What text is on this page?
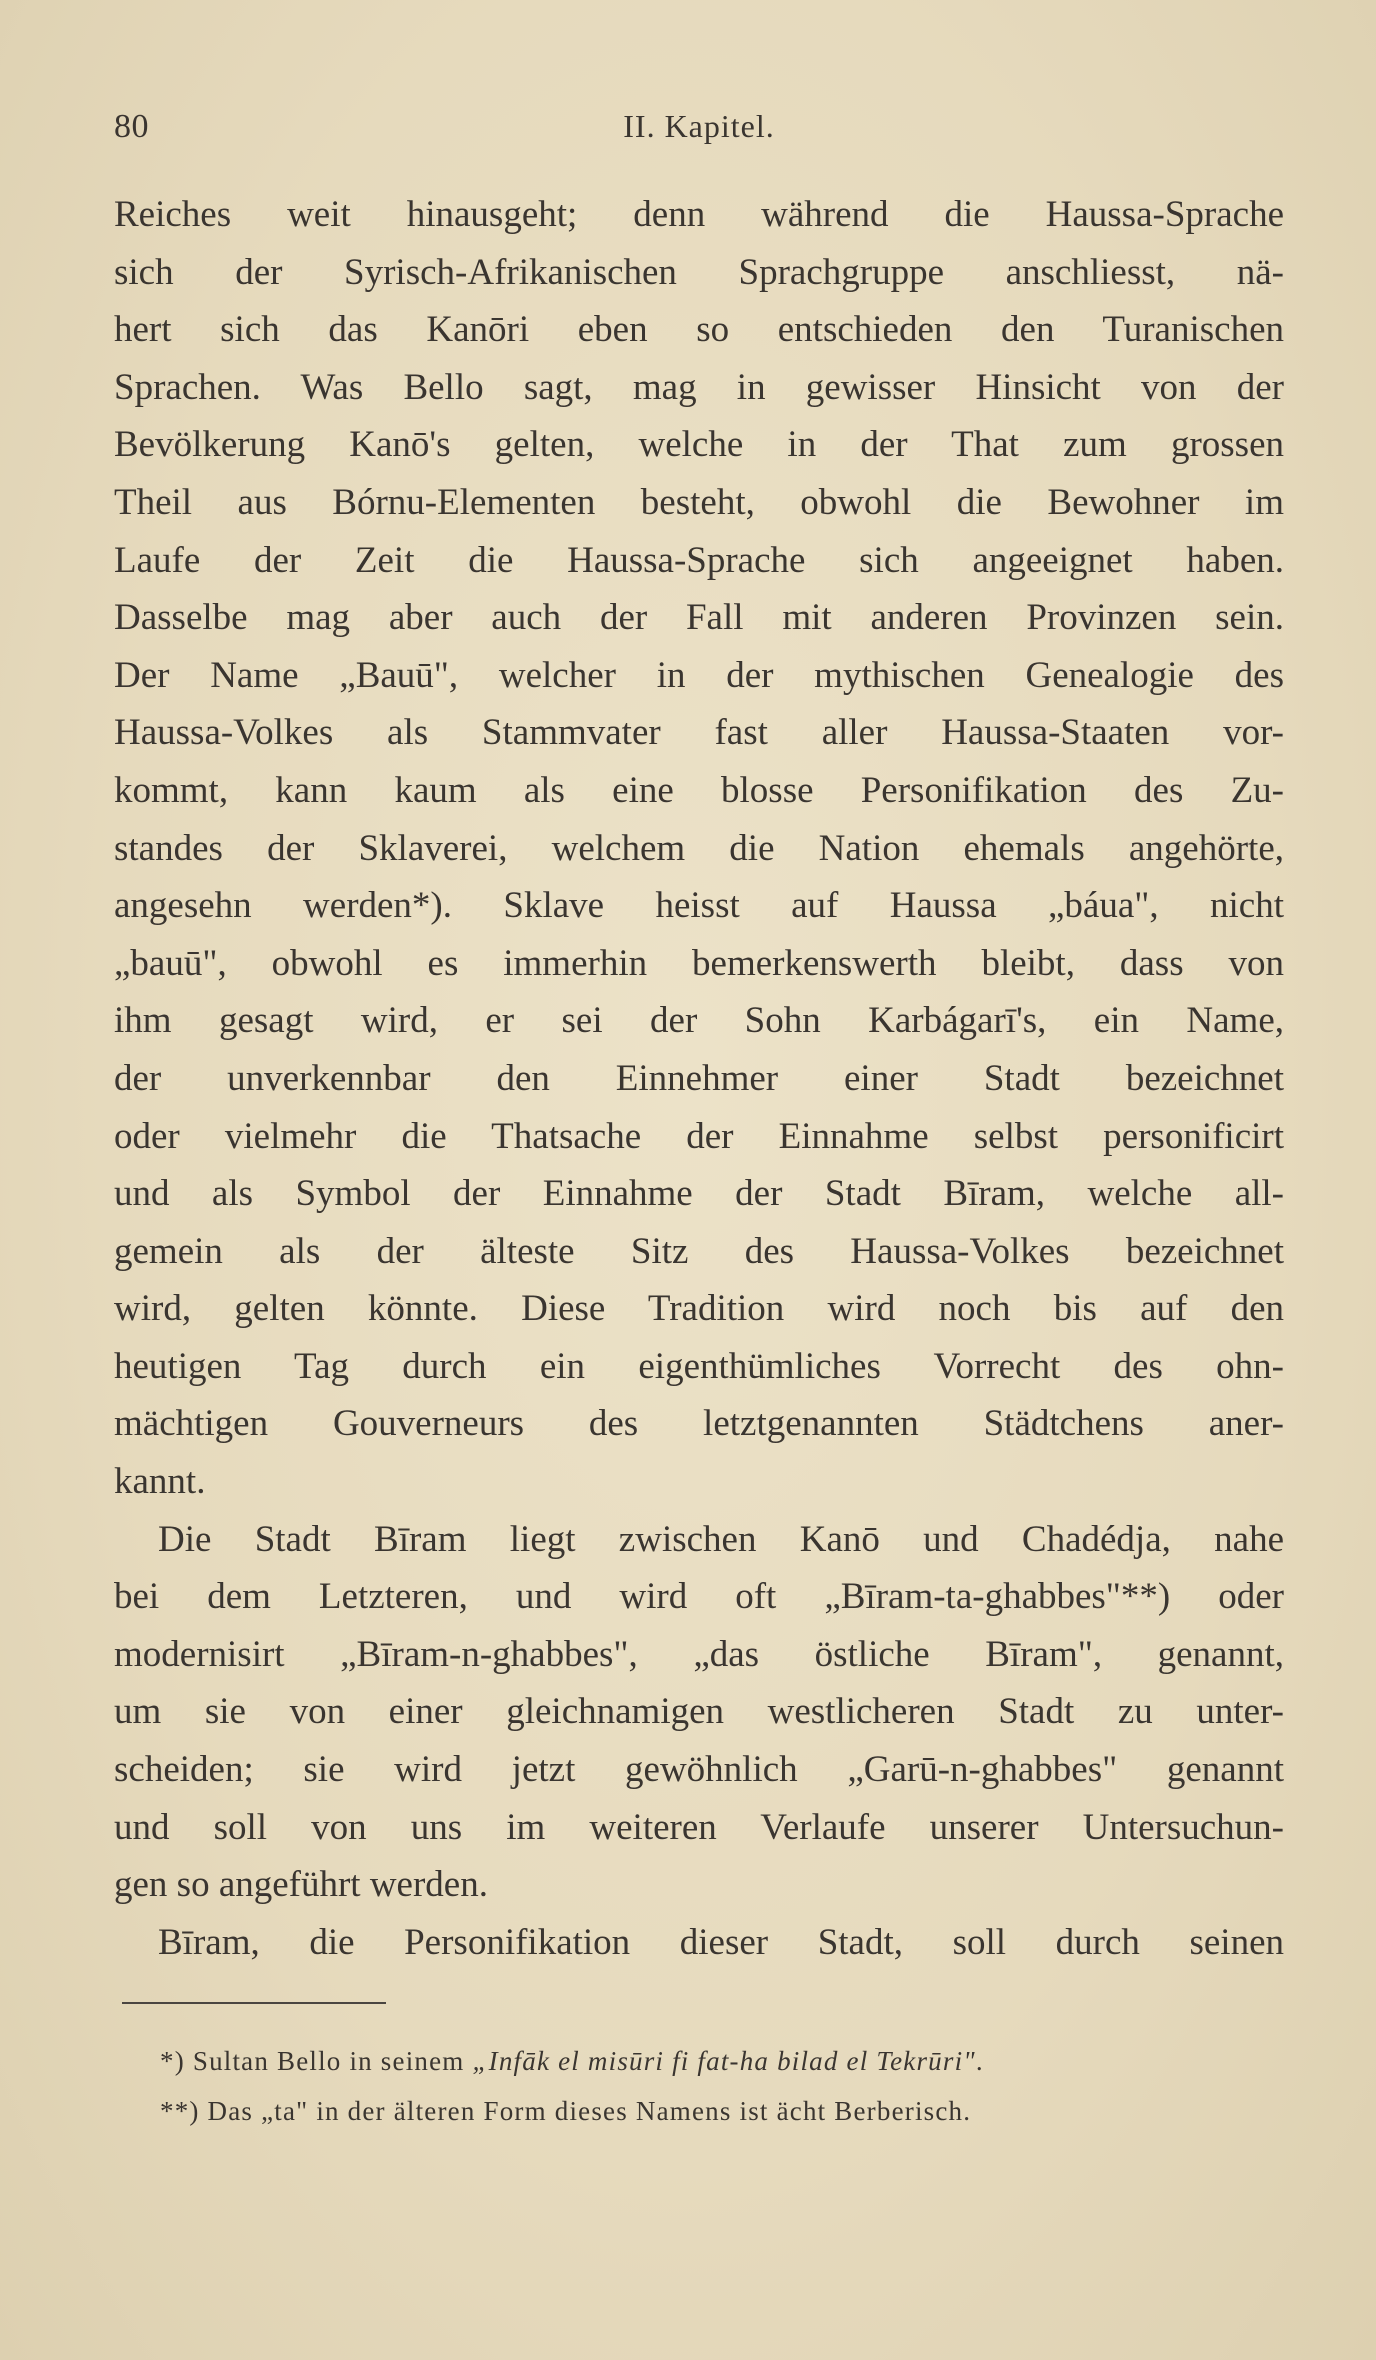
80	II. Kapitel.
Reiches weit hinausgeht; denn während die Haussa-Sprache
sich der Syrisch-Afrikanischen Sprachgruppe anschliesst, nä-
hert sich das Kanōri eben so entschieden den Turanischen
Sprachen. Was Bello sagt, mag in gewisser Hinsicht von der
Bevölkerung Kanō's gelten, welche in der That zum grossen
Theil aus Bórnu-Elementen besteht, obwohl die Bewohner im
Laufe der Zeit die Haussa-Sprache sich angeeignet haben.
Dasselbe mag aber auch der Fall mit anderen Provinzen sein.
Der Name „Bauū", welcher in der mythischen Genealogie des
Haussa-Volkes als Stammvater fast aller Haussa-Staaten vor-
kommt, kann kaum als eine blosse Personifikation des Zu-
standes der Sklaverei, welchem die Nation ehemals angehörte,
angesehn werden*). Sklave heisst auf Haussa „báua", nicht
„bauū", obwohl es immerhin bemerkenswerth bleibt, dass von
ihm gesagt wird, er sei der Sohn Karbágarī's, ein Name,
der unverkennbar den Einnehmer einer Stadt bezeichnet
oder vielmehr die Thatsache der Einnahme selbst personificirt
und als Symbol der Einnahme der Stadt Bīram, welche all-
gemein als der älteste Sitz des Haussa-Volkes bezeichnet
wird, gelten könnte. Diese Tradition wird noch bis auf den
heutigen Tag durch ein eigenthümliches Vorrecht des ohn-
mächtigen Gouverneurs des letztgenannten Städtchens aner-
kannt.
Die Stadt Bīram liegt zwischen Kanō und Chadédja, nahe
bei dem Letzteren, und wird oft „Bīram-ta-ghabbes"**) oder
modernisirt „Bīram-n-ghabbes", „das östliche Bīram", genannt,
um sie von einer gleichnamigen westlicheren Stadt zu unter-
scheiden; sie wird jetzt gewöhnlich „Garū-n-ghabbes" genannt
und soll von uns im weiteren Verlaufe unserer Untersuchun-
gen so angeführt werden.
Bīram, die Personifikation dieser Stadt, soll durch seinen
*) Sultan Bello in seinem „Infāk el misūri fi fat-ha bilad el Tekrūri".
**) Das „ta" in der älteren Form dieses Namens ist ächt Berberisch.
